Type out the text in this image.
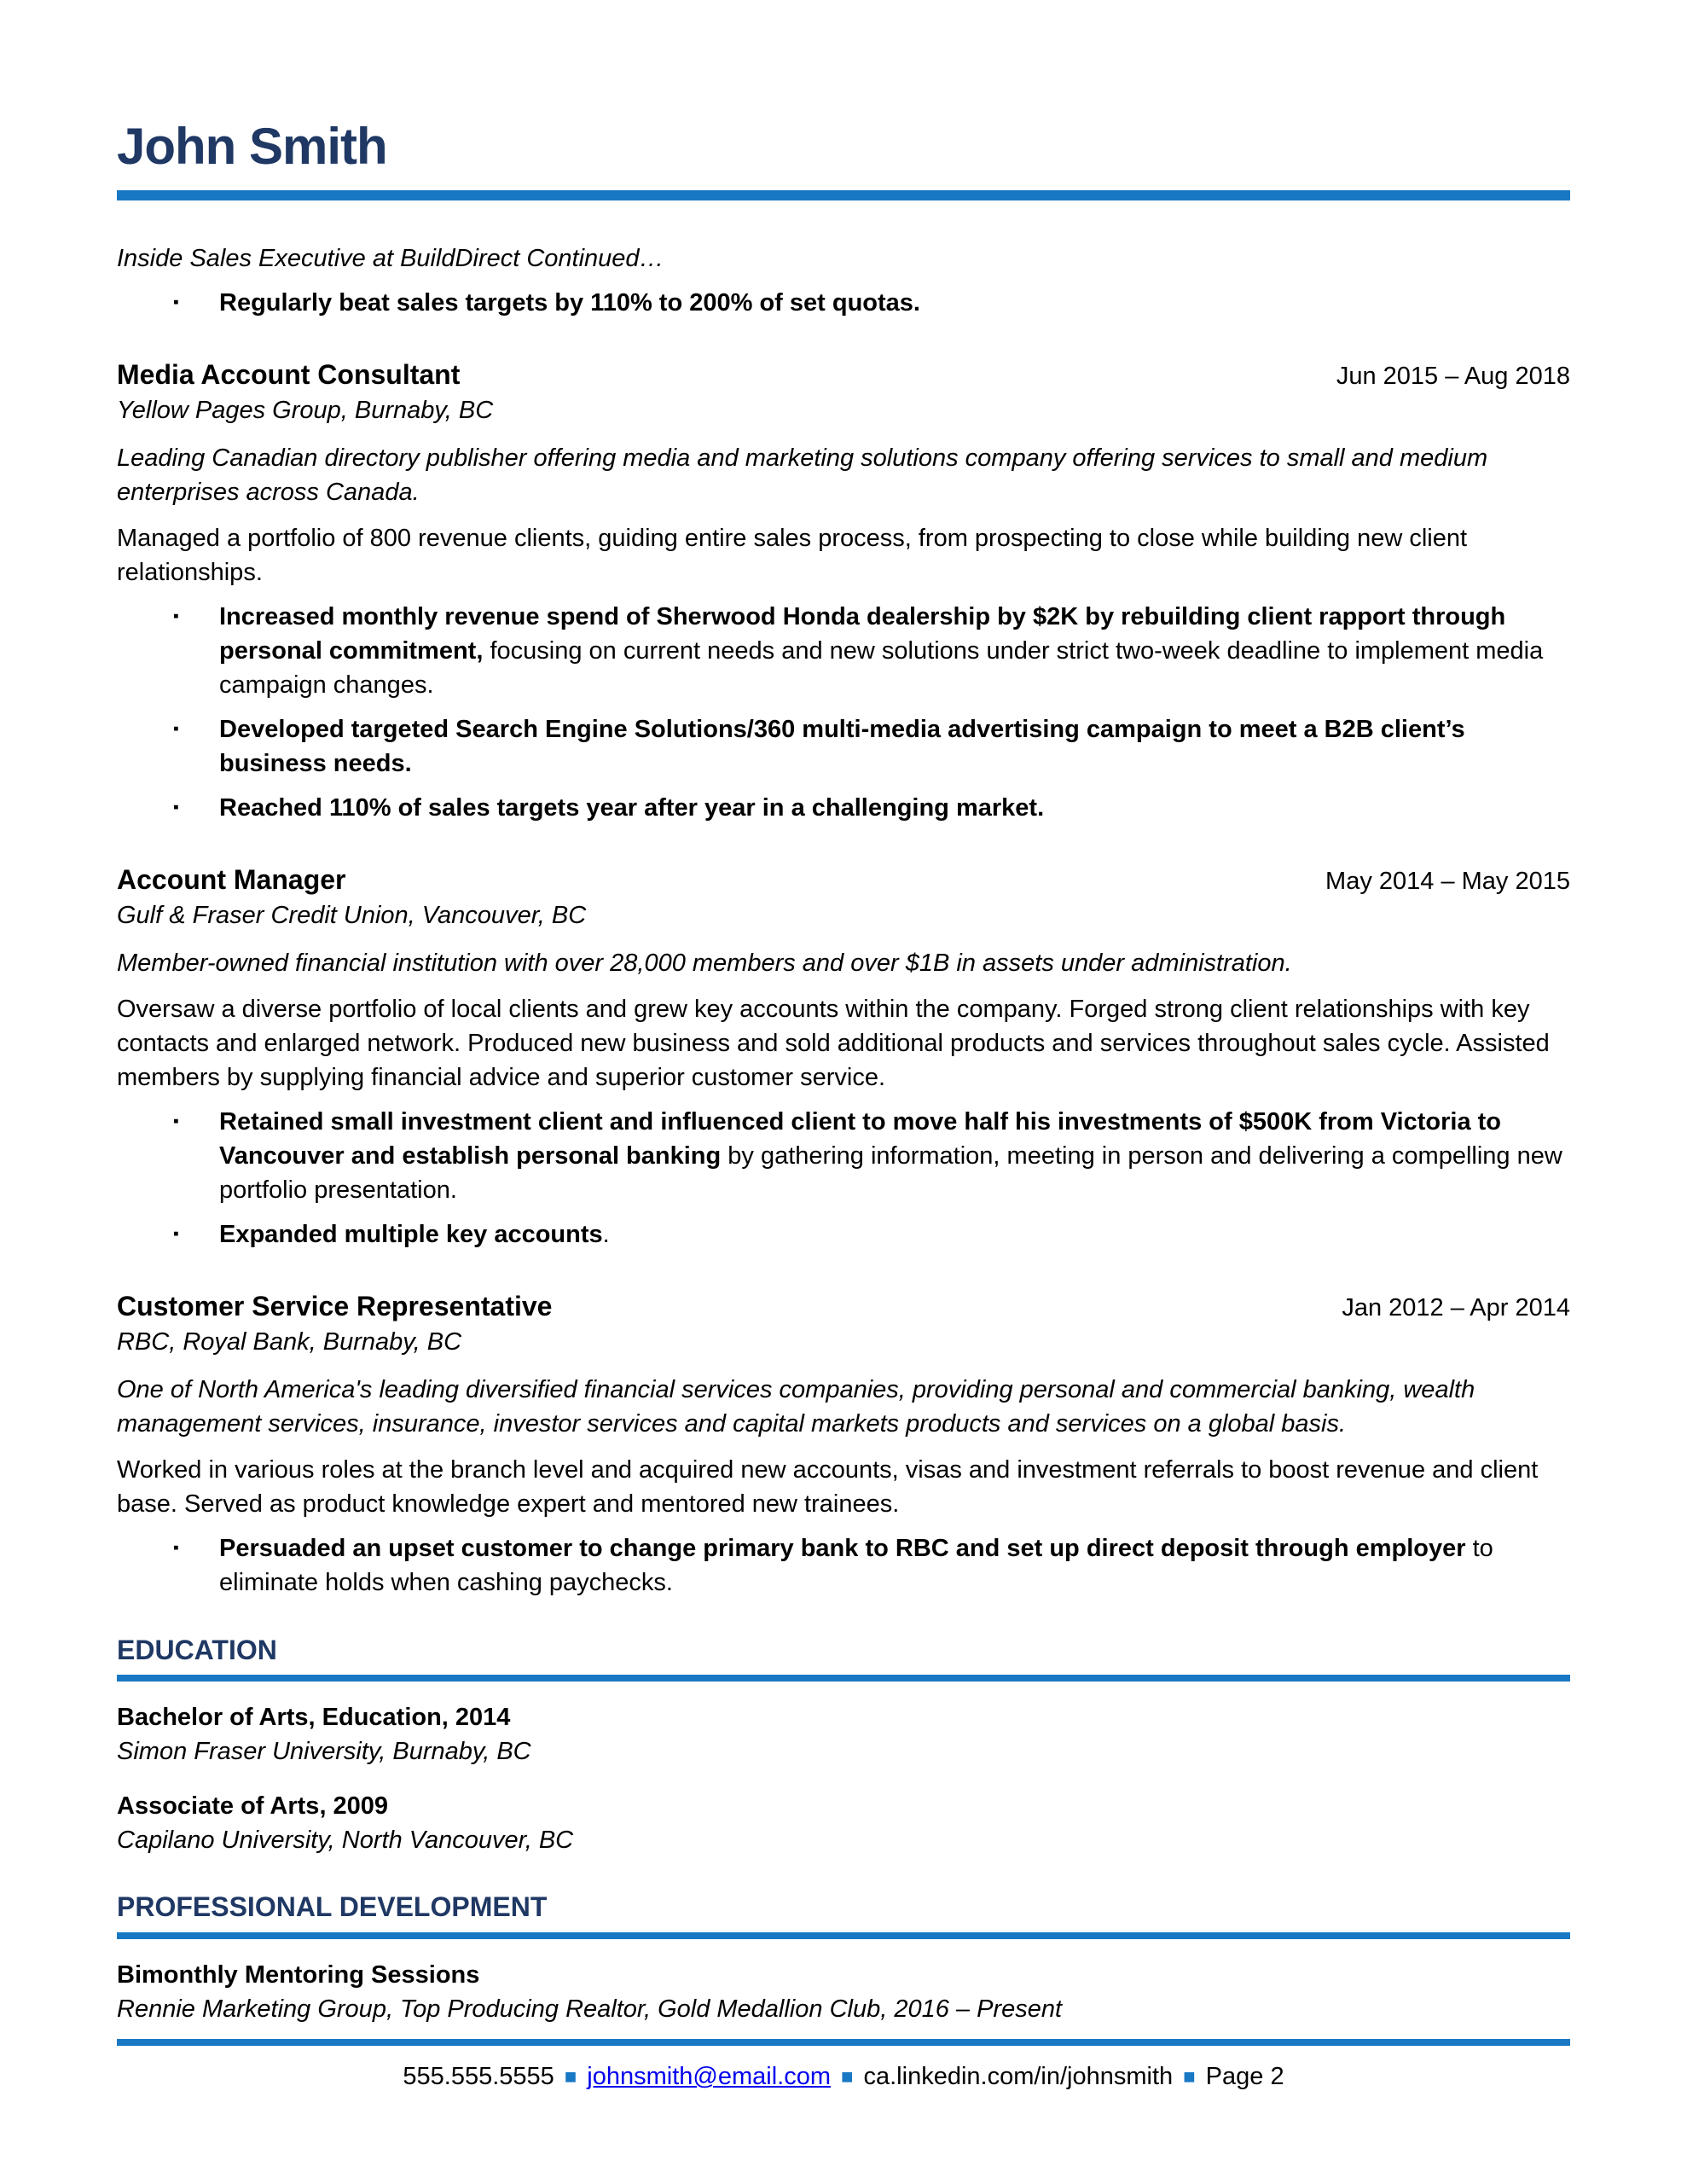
John Smith
Inside Sales Executive at BuildDirect Continued…
▪	Regularly beat sales targets by 110% to 200% of set quotas.
Media Account Consultant	Jun 2015 – Aug 2018
Yellow Pages Group, Burnaby, BC
Leading Canadian directory publisher offering media and marketing solutions company offering services to small and medium enterprises across Canada.
Managed a portfolio of 800 revenue clients, guiding entire sales process, from prospecting to close while building new client relationships.
▪	Increased monthly revenue spend of Sherwood Honda dealership by $2K by rebuilding client rapport through personal commitment, focusing on current needs and new solutions under strict two-week deadline to implement media campaign changes.
▪	Developed targeted Search Engine Solutions/360 multi-media advertising campaign to meet a B2B client’s business needs.
▪	Reached 110% of sales targets year after year in a challenging market.
Account Manager	May 2014 – May 2015
Gulf & Fraser Credit Union, Vancouver, BC
Member-owned financial institution with over 28,000 members and over $1B in assets under administration.
Oversaw a diverse portfolio of local clients and grew key accounts within the company. Forged strong client relationships with key contacts and enlarged network. Produced new business and sold additional products and services throughout sales cycle. Assisted members by supplying financial advice and superior customer service.
▪	Retained small investment client and influenced client to move half his investments of $500K from Victoria to Vancouver and establish personal banking by gathering information, meeting in person and delivering a compelling new portfolio presentation.
▪	Expanded multiple key accounts.
Customer Service Representative	Jan 2012 – Apr 2014
RBC, Royal Bank, Burnaby, BC
One of North America's leading diversified financial services companies, providing personal and commercial banking, wealth management services, insurance, investor services and capital markets products and services on a global basis.
Worked in various roles at the branch level and acquired new accounts, visas and investment referrals to boost revenue and client base. Served as product knowledge expert and mentored new trainees.
▪	Persuaded an upset customer to change primary bank to RBC and set up direct deposit through employer to eliminate holds when cashing paychecks.
EDUCATION
Bachelor of Arts, Education, 2014
Simon Fraser University, Burnaby, BC
Associate of Arts, 2009
Capilano University, North Vancouver, BC
PROFESSIONAL DEVELOPMENT
Bimonthly Mentoring Sessions
Rennie Marketing Group, Top Producing Realtor, Gold Medallion Club, 2016 – Present
555.555.5555 ■ johnsmith@email.com ■ ca.linkedin.com/in/johnsmith ■ Page 2
